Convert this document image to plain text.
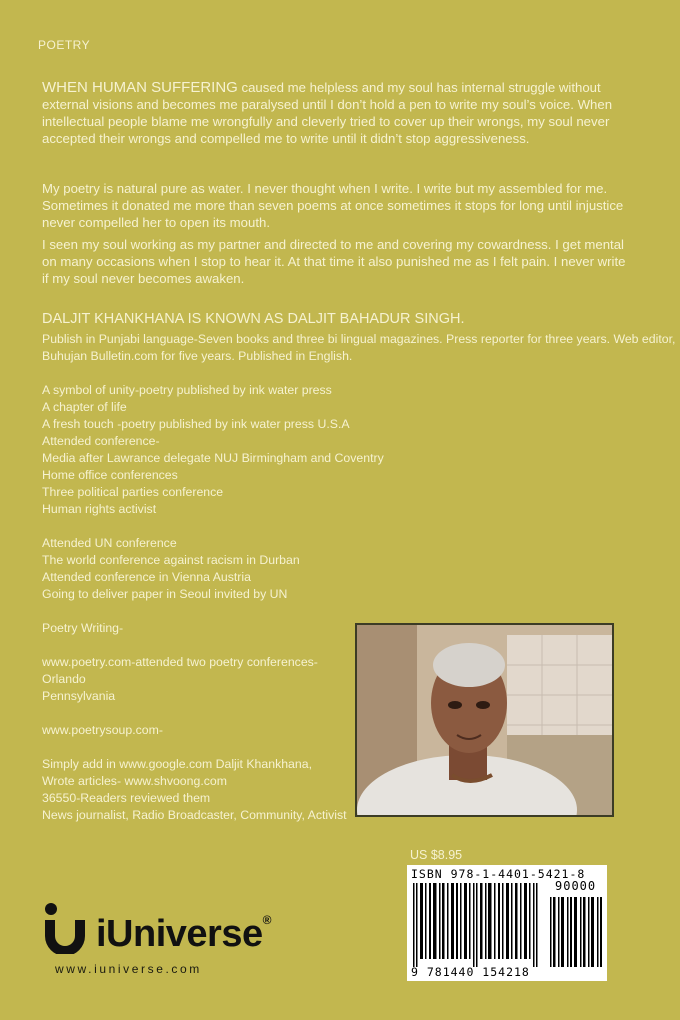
POETRY

WHEN HUMAN SUFFERING caused me helpless and my soul has internal struggle without external visions and becomes me paralysed until I don’t hold a pen to write my soul’s voice. When intellectual people blame me wrongfully and cleverly tried to cover up their wrongs, my soul never accepted their wrongs and compelled me to write until it didn’t stop aggressiveness.

My poetry is natural pure as water. I never thought when I write. I write but my assembled for me. Sometimes it donated me more than seven poems at once sometimes it stops for long until injustice never compelled her to open its mouth.

I seen my soul working as my partner and directed to me and covering my cowardness. I get mental on many occasions when I stop to hear it. At that time it also punished me as I felt pain. I never write if my soul never becomes awaken.

DALJIT KHANKHANA IS KNOWN AS DALJIT BAHADUR SINGH.
Publish in Punjabi language-Seven books and three bi lingual magazines. Press reporter for three years. Web editor,
Buhujan Bulletin.com for five years. Published in English.
A symbol of unity-poetry published by ink water press
A chapter of life
A fresh touch -poetry published by ink water press U.S.A
Attended conference-
Media after Lawrance delegate NUJ Birmingham and Coventry
Home office conferences
Three political parties conference
Human rights activist
Attended UN conference
The world conference against racism in Durban
Attended conference in Vienna Austria
Going to deliver paper in Seoul invited by UN
Poetry Writing-
www.poetry.com-attended two poetry conferences-
Orlando
Pennsylvania
www.poetrysoup.com-
Simply add in www.google.com Daljit Khankhana,
Wrote articles- www.shvoong.com
36550-Readers reviewed them
News journalist, Radio Broadcaster, Community, Activist
US $8.95
ISBN 978-1-4401-5421-8
90000
9 781440 154218
iUniverse®
www.iuniverse.com
